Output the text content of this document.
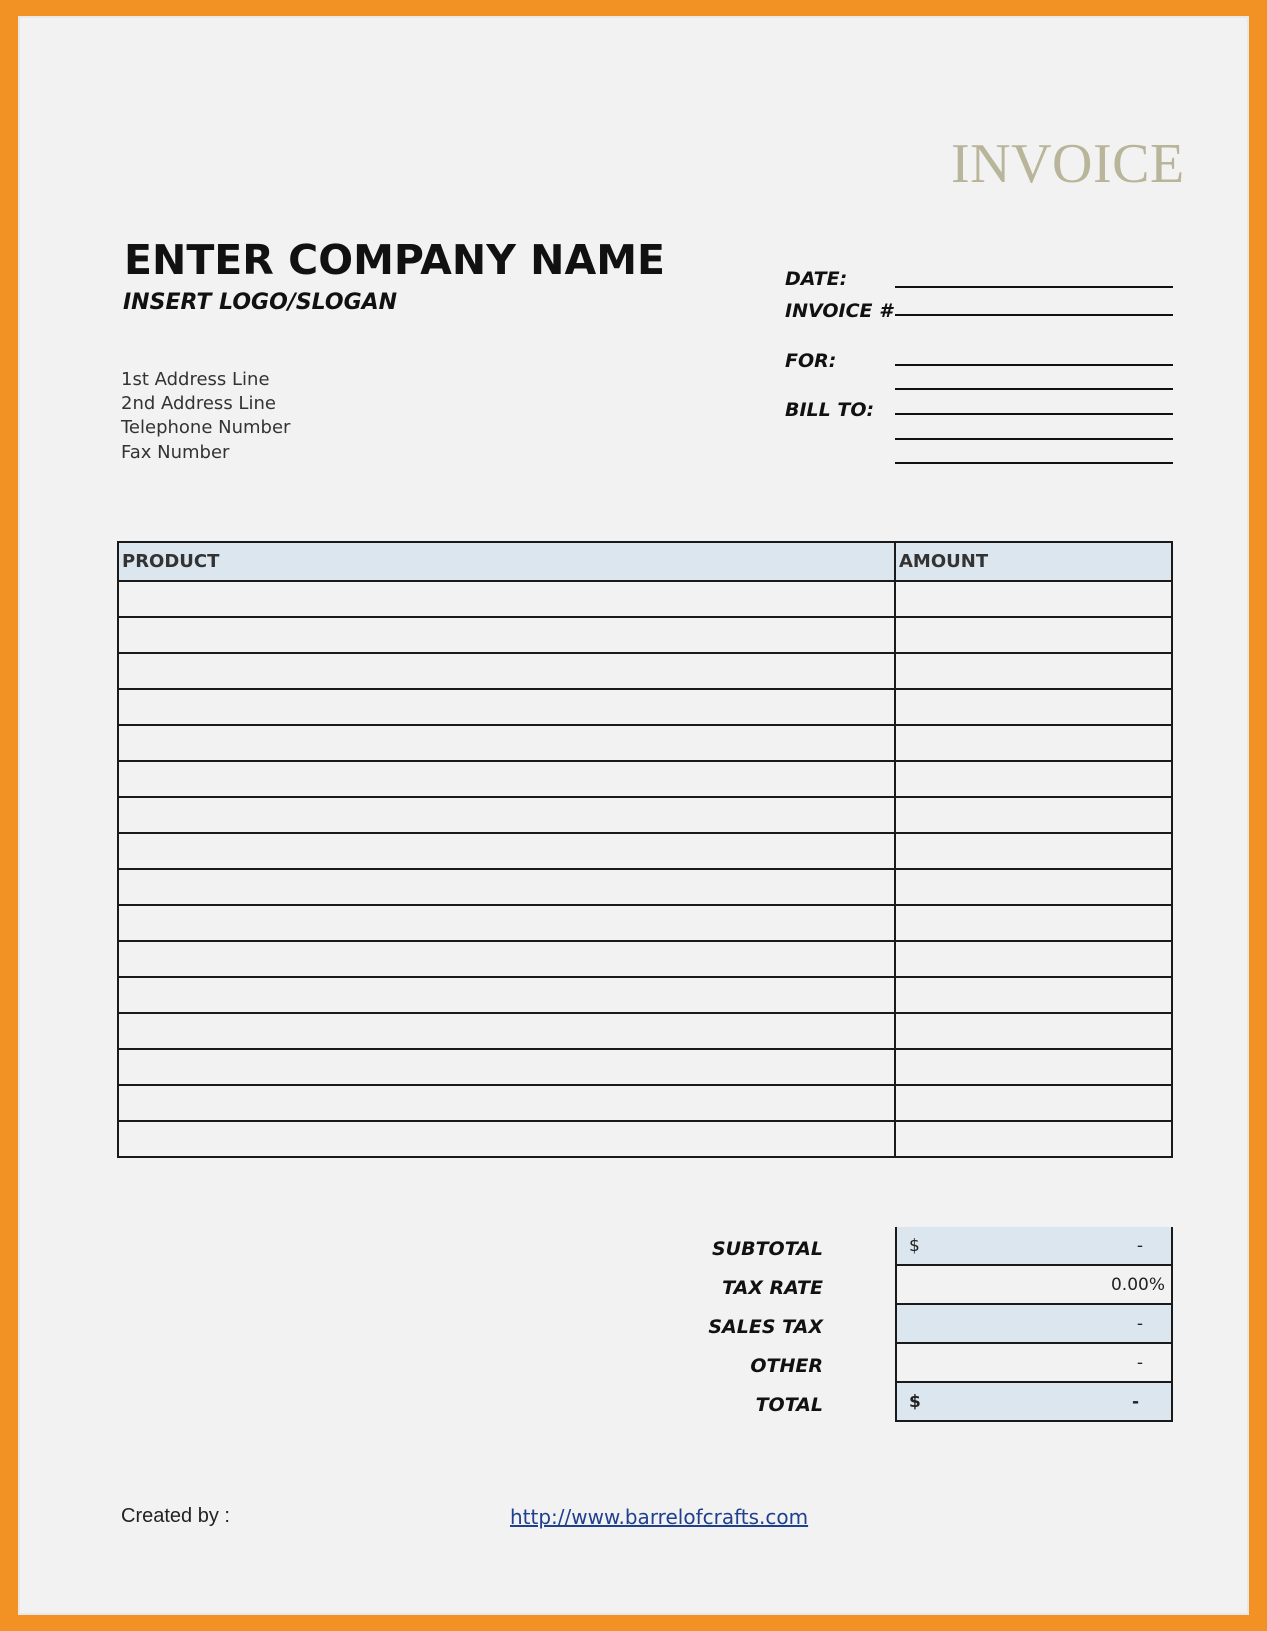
INVOICE
ENTER COMPANY NAME
INSERT LOGO/SLOGAN
1st Address Line
2nd Address Line
Telephone Number
Fax Number
DATE:
INVOICE #
FOR:
BILL TO:
PRODUCT	AMOUNT

SUBTOTAL	$	-
TAX RATE	0.00%
SALES TAX	-
OTHER	-
TOTAL	$	-
Created by :	http://www.barrelofcrafts.com
